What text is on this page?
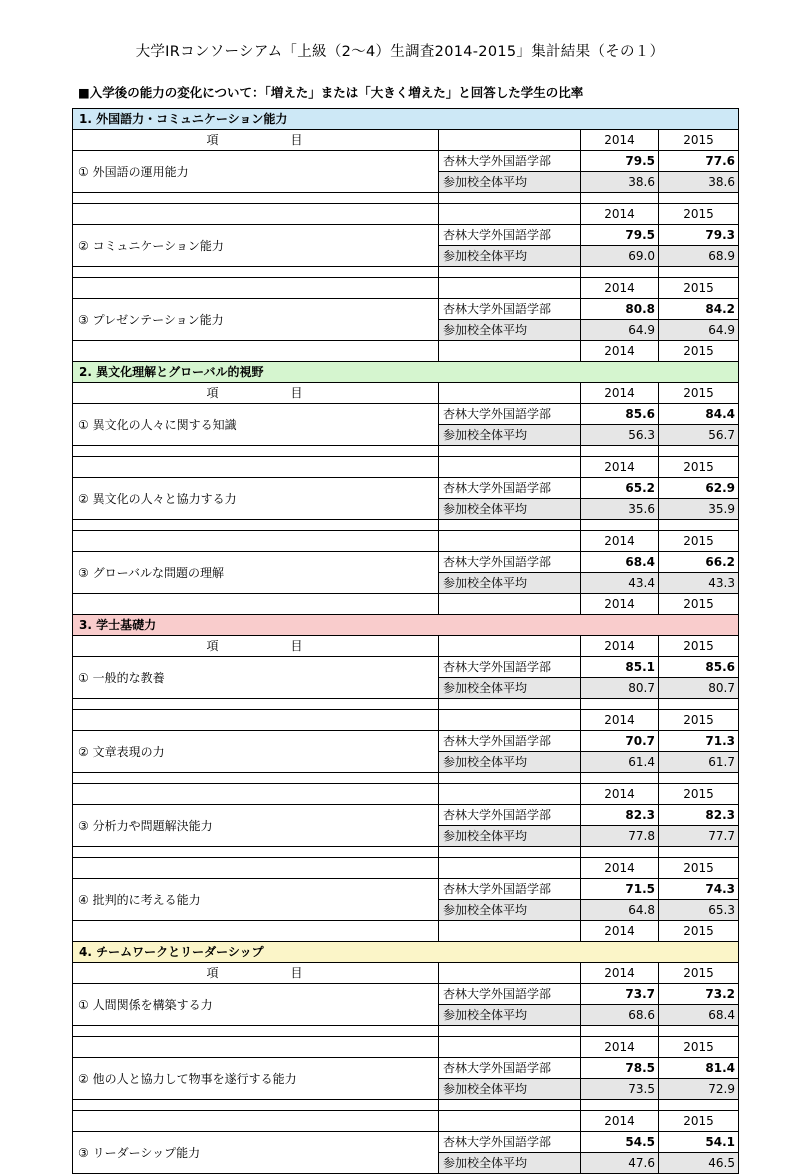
大学IRコンソーシアム「上級（2〜4）生調査2014-2015」集計結果（その１）
■入学後の能力の変化について：「増えた」または「大きく増えた」と回答した学生の比率
1. 外国語力・コミュニケーション能力			
項　　　　　目		2014	2015
① 外国語の運用能力	杏林大学外国語学部	79.5	77.6
	参加校全体平均	38.6	38.6

		2014	2015
② コミュニケーション能力	杏林大学外国語学部	79.5	79.3
	参加校全体平均	69.0	68.9

		2014	2015
③ プレゼンテーション能力	杏林大学外国語学部	80.8	84.2
	参加校全体平均	64.9	64.9
		2014	2015
2. 異文化理解とグローバル的視野			
項　　　　　目		2014	2015
① 異文化の人々に関する知識	杏林大学外国語学部	85.6	84.4
	参加校全体平均	56.3	56.7

		2014	2015
② 異文化の人々と協力する力	杏林大学外国語学部	65.2	62.9
	参加校全体平均	35.6	35.9

		2014	2015
③ グローバルな問題の理解	杏林大学外国語学部	68.4	66.2
	参加校全体平均	43.4	43.3
		2014	2015
3. 学士基礎力			
項　　　　　目		2014	2015
① 一般的な教養	杏林大学外国語学部	85.1	85.6
	参加校全体平均	80.7	80.7

		2014	2015
② 文章表現の力	杏林大学外国語学部	70.7	71.3
	参加校全体平均	61.4	61.7

		2014	2015
③ 分析力や問題解決能力	杏林大学外国語学部	82.3	82.3
	参加校全体平均	77.8	77.7

		2014	2015
④ 批判的に考える能力	杏林大学外国語学部	71.5	74.3
	参加校全体平均	64.8	65.3
		2014	2015
4. チームワークとリーダーシップ			
項　　　　　目		2014	2015
① 人間関係を構築する力	杏林大学外国語学部	73.7	73.2
	参加校全体平均	68.6	68.4

		2014	2015
② 他の人と協力して物事を遂行する能力	杏林大学外国語学部	78.5	81.4
	参加校全体平均	73.5	72.9

		2014	2015
③ リーダーシップ能力	杏林大学外国語学部	54.5	54.1
	参加校全体平均	47.6	46.5
